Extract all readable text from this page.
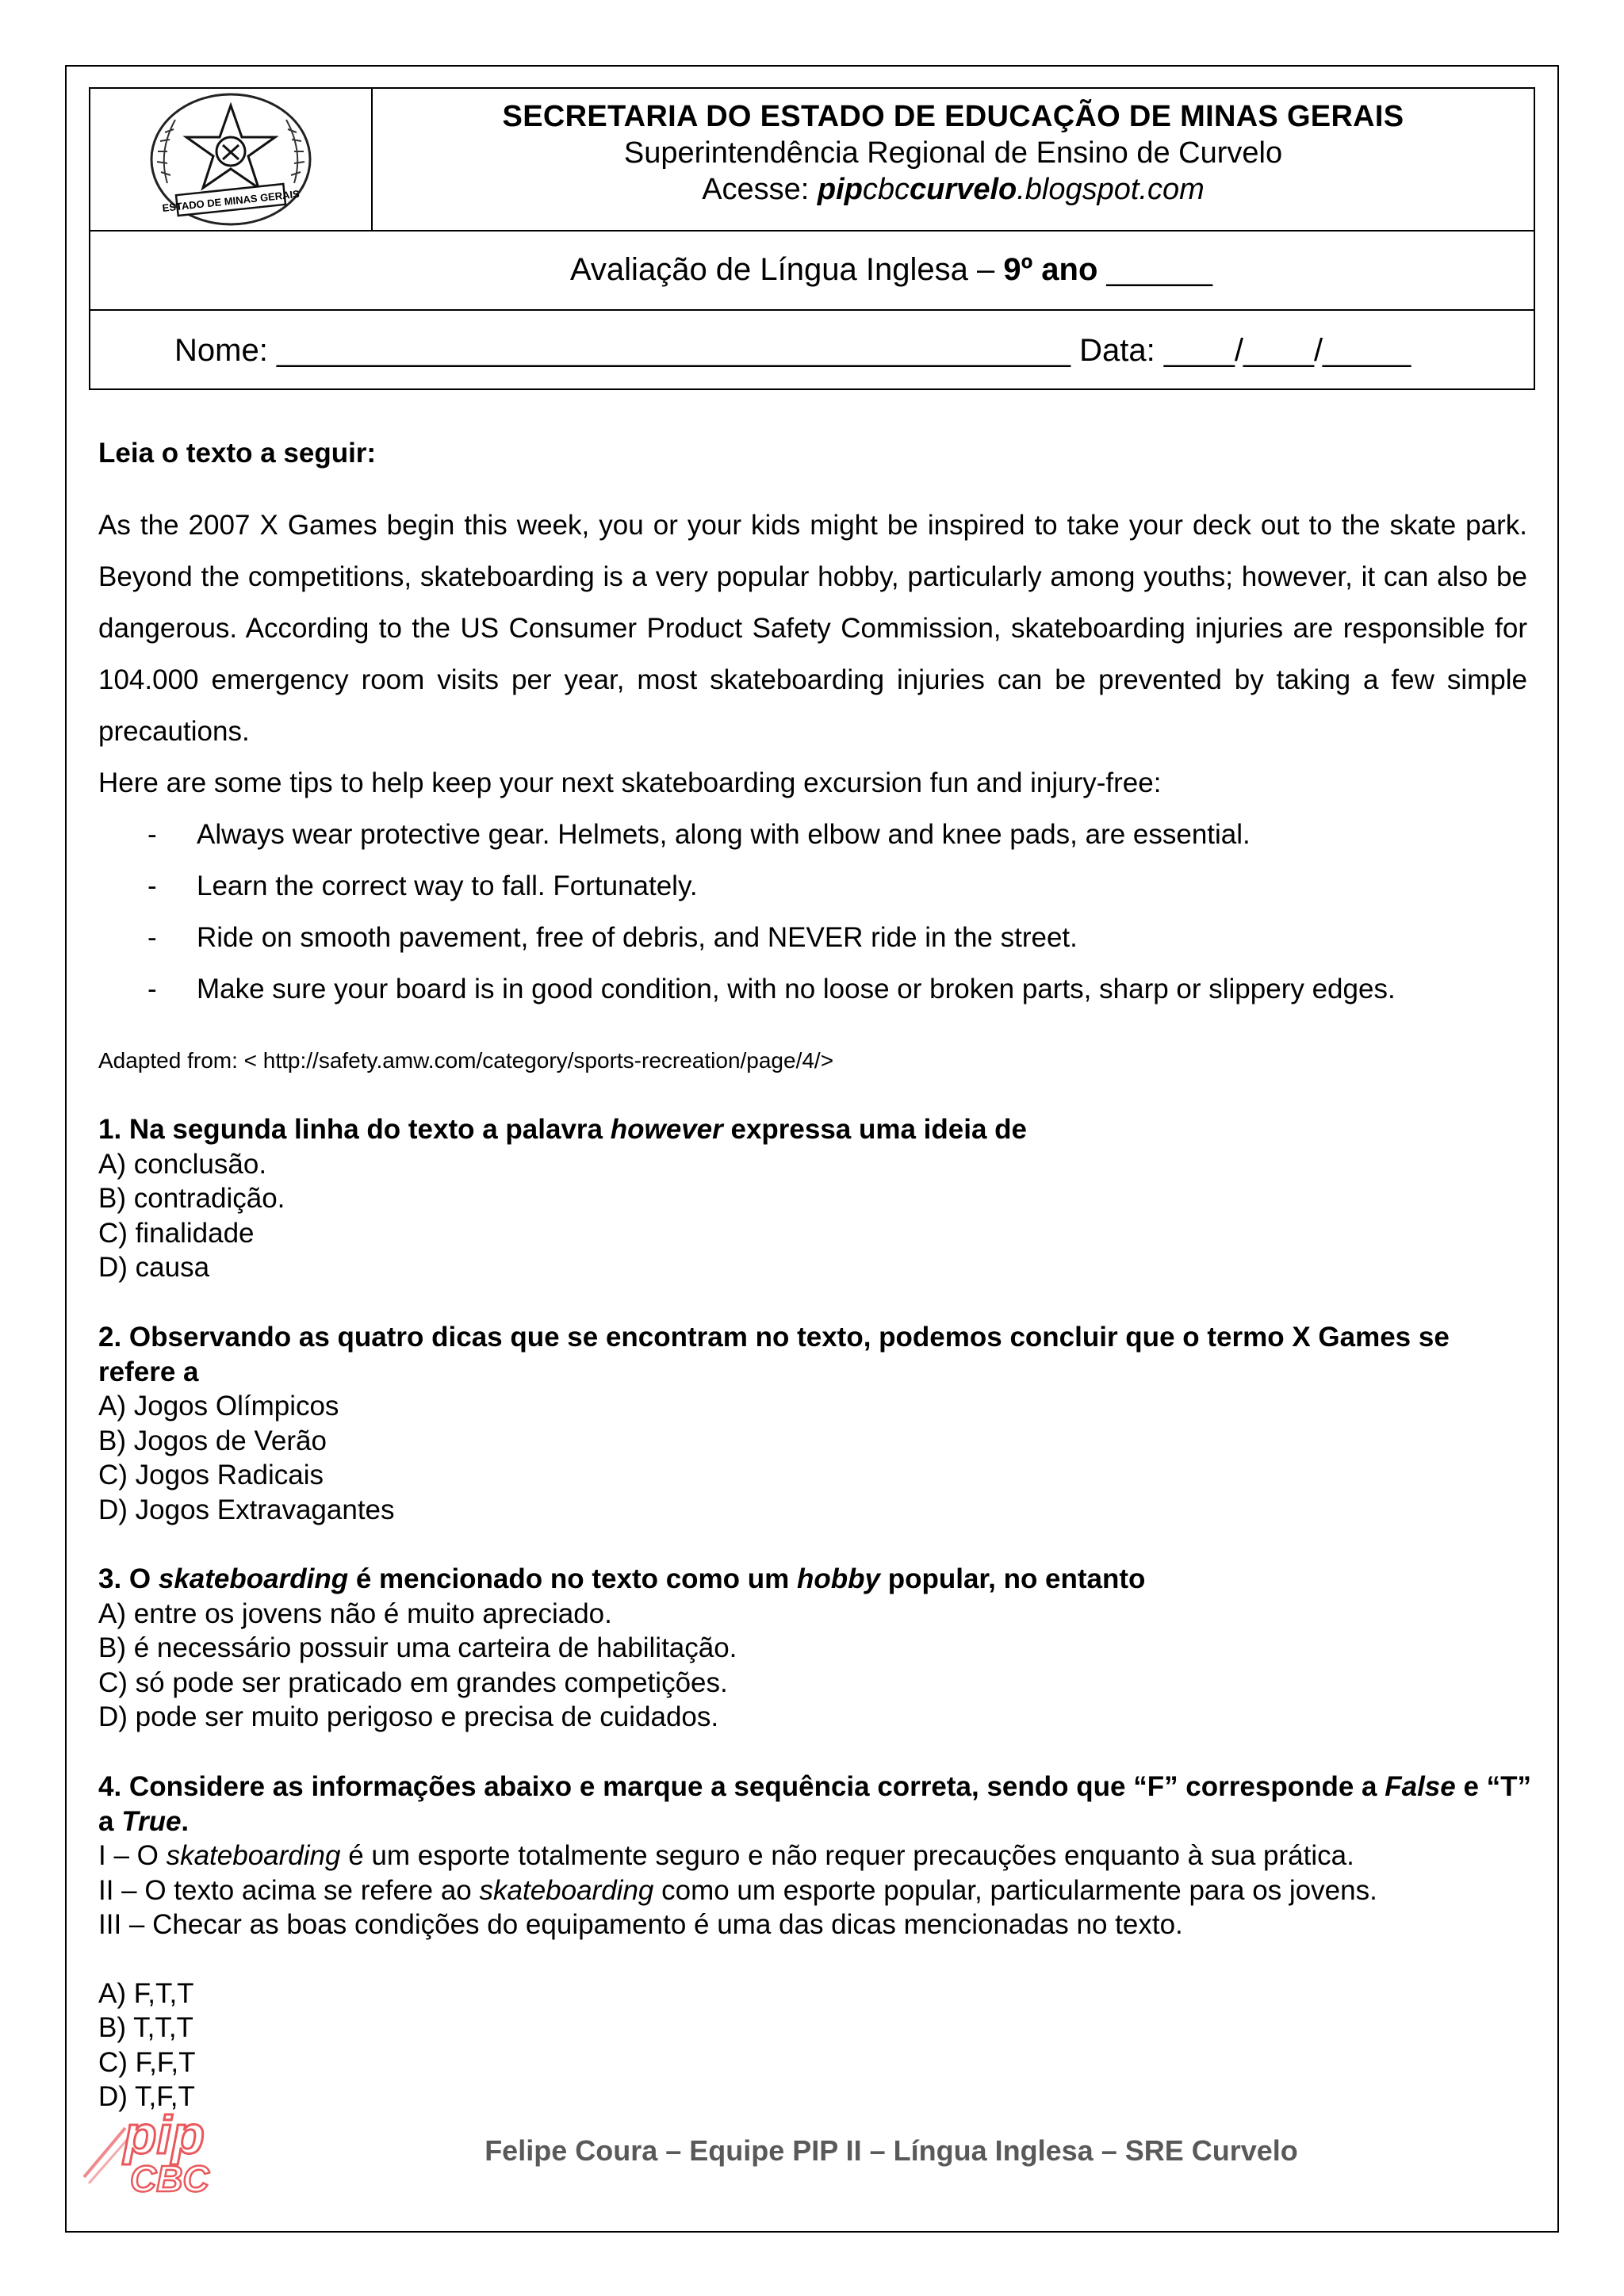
ESTADO DE MINAS GERAIS
SECRETARIA DO ESTADO DE EDUCAÇÃO DE MINAS GERAIS
Superintendência Regional de Ensino de Curvelo
Acesse: pipcbccurvelo.blogspot.com
Avaliação de Língua Inglesa – 9º ano ______
Nome: _____________________________________________ Data: ____/____/_____
Leia o texto a seguir:

As the 2007 X Games begin this week, you or your kids might be inspired to take your deck out to the skate park. Beyond the competitions, skateboarding is a very popular hobby, particularly among youths; however, it can also be dangerous. According to the US Consumer Product Safety Commission, skateboarding injuries are responsible for 104.000 emergency room visits per year, most skateboarding injuries can be prevented by taking a few simple precautions.

Here are some tips to help keep your next skateboarding excursion fun and injury-free:

- Always wear protective gear. Helmets, along with elbow and knee pads, are essential.
- Learn the correct way to fall. Fortunately.
- Ride on smooth pavement, free of debris, and NEVER ride in the street.
- Make sure your board is in good condition, with no loose or broken parts, sharp or slippery edges.
Adapted from: < http://safety.amw.com/category/sports-recreation/page/4/>
1. Na segunda linha do texto a palavra however expressa uma ideia de
A) conclusão.
B) contradição.
C) finalidade
D) causa
2. Observando as quatro dicas que se encontram no texto, podemos concluir que o termo X Games se refere a
A) Jogos Olímpicos
B) Jogos de Verão
C) Jogos Radicais
D) Jogos Extravagantes
3. O skateboarding é mencionado no texto como um hobby popular, no entanto
A) entre os jovens não é muito apreciado.
B) é necessário possuir uma carteira de habilitação.
C) só pode ser praticado em grandes competições.
D) pode ser muito perigoso e precisa de cuidados.
4. Considere as informações abaixo e marque a sequência correta, sendo que “F” corresponde a False e “T” a True.
I – O skateboarding é um esporte totalmente seguro e não requer precauções enquanto à sua prática.
II – O texto acima se refere ao skateboarding como um esporte popular, particularmente para os jovens.
III – Checar as boas condições do equipamento é uma das dicas mencionadas no texto.
A) F,T,T
B) T,T,T
C) F,F,T
D) T,F,T
pip
CBC
Felipe Coura – Equipe PIP II – Língua Inglesa – SRE Curvelo
